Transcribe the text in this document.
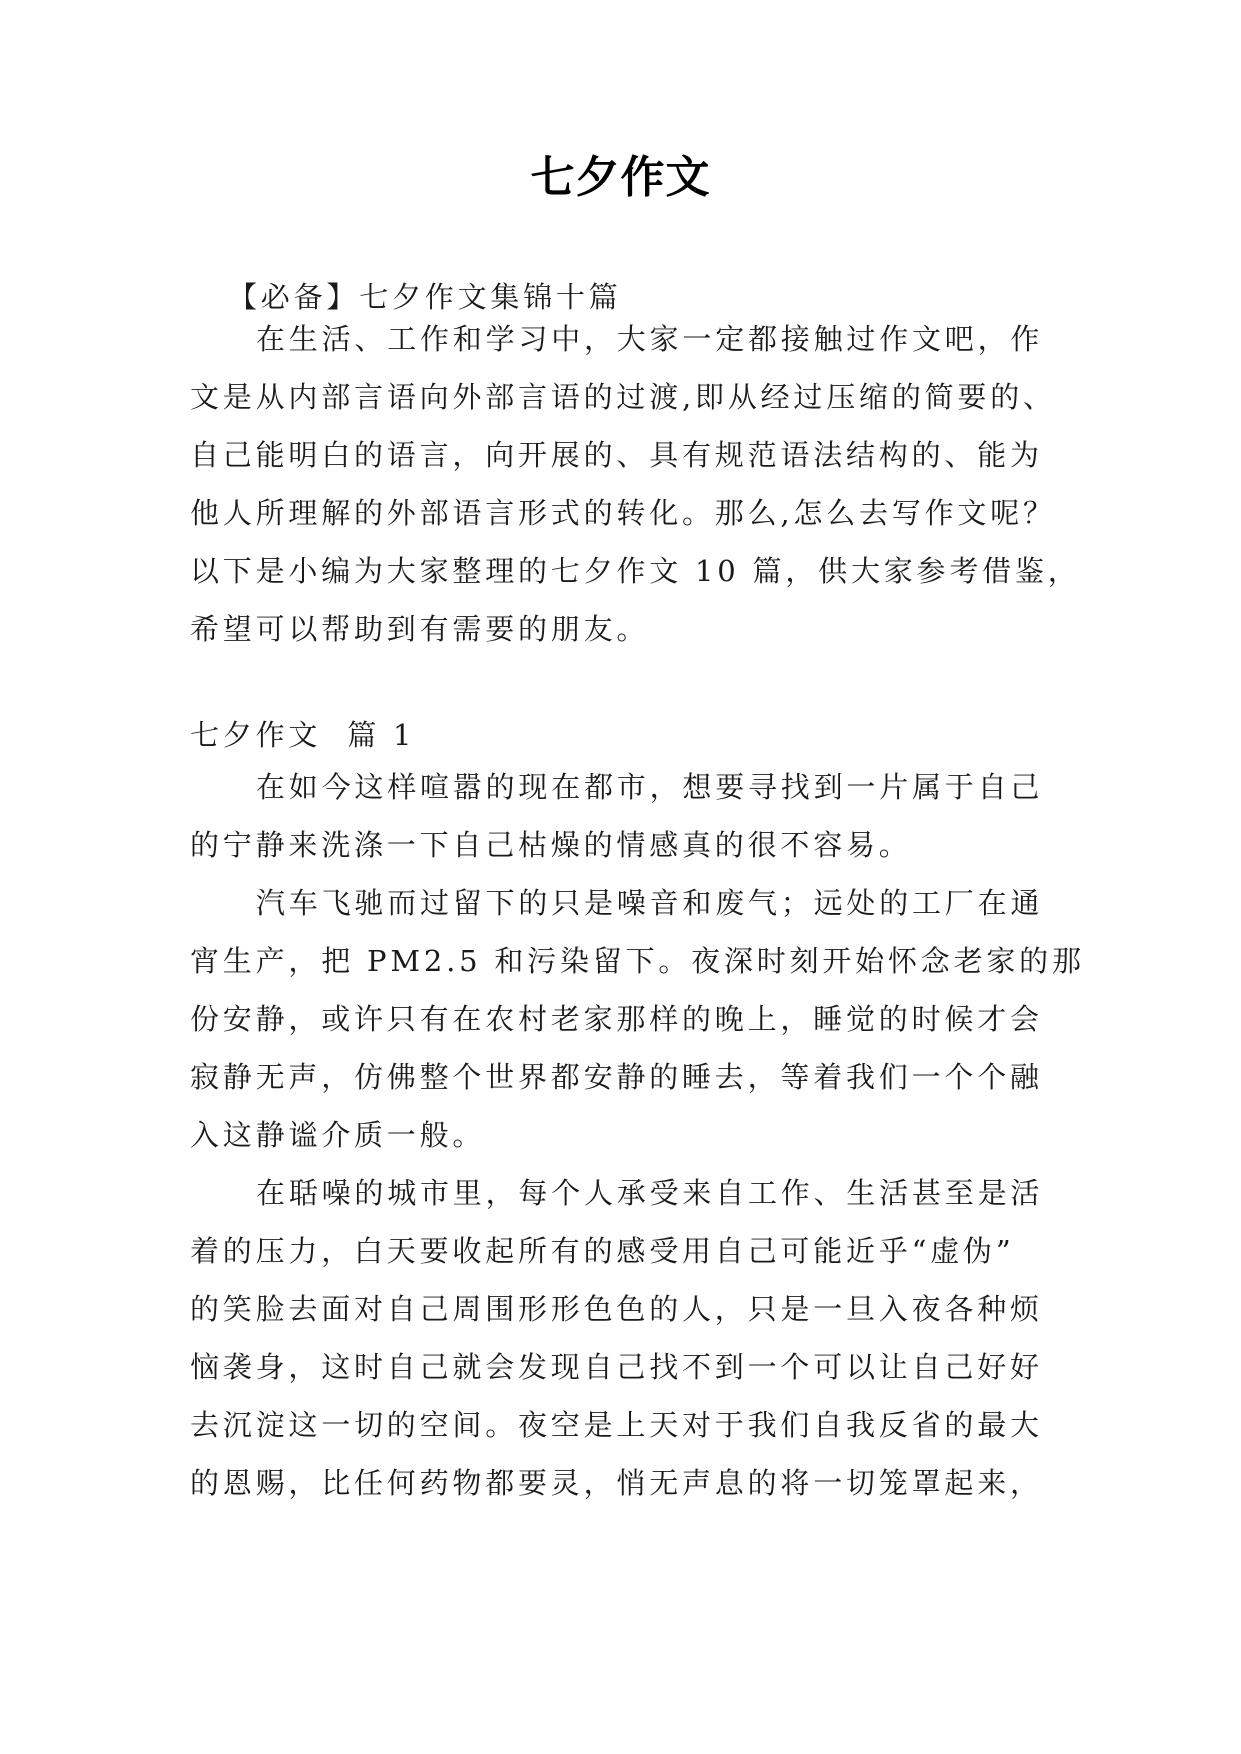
七夕作文

【必备】七夕作文集锦十篇

在生活、工作和学习中，大家一定都接触过作文吧，作
文是从内部言语向外部言语的过渡,即从经过压缩的简要的、
自己能明白的语言，向开展的、具有规范语法结构的、能为
他人所理解的外部语言形式的转化。那么,怎么去写作文呢？
以下是小编为大家整理的七夕作文 10 篇，供大家参考借鉴，
希望可以帮助到有需要的朋友。

七夕作文  篇 1

在如今这样喧嚣的现在都市，想要寻找到一片属于自己
的宁静来洗涤一下自己枯燥的情感真的很不容易。

汽车飞驰而过留下的只是噪音和废气；远处的工厂在通
宵生产，把 PM2.5 和污染留下。夜深时刻开始怀念老家的那
份安静，或许只有在农村老家那样的晚上，睡觉的时候才会
寂静无声，仿佛整个世界都安静的睡去，等着我们一个个融
入这静谧介质一般。

在聒噪的城市里，每个人承受来自工作、生活甚至是活
着的压力，白天要收起所有的感受用自己可能近乎“虚伪”
的笑脸去面对自己周围形形色色的人，只是一旦入夜各种烦
恼袭身，这时自己就会发现自己找不到一个可以让自己好好
去沉淀这一切的空间。夜空是上天对于我们自我反省的最大
的恩赐，比任何药物都要灵，悄无声息的将一切笼罩起来，
